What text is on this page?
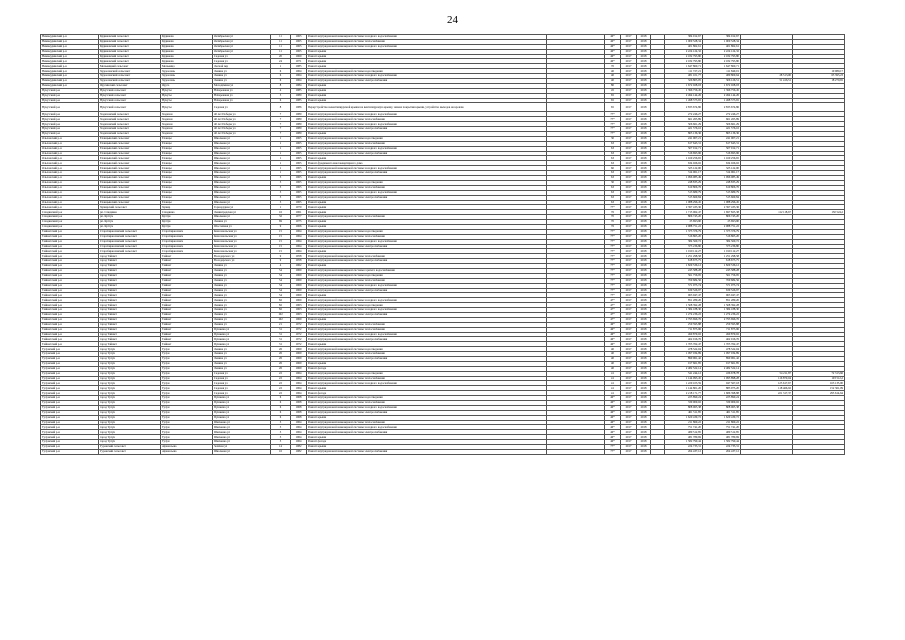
24
Нижнеудинский р-н	Кудиновский сельсовет	Кудинова	Октябрьская ул	11	1965	Ремонт внутридомовой инженерной системы холодного водоснабжения		40*	2017	2018		384 912,67	384 912,67		
Нижнеудинский р-н	Кудиновский сельсовет	Кудинова	Октябрьская ул	11	1965	Ремонт внутридомовой инженерной системы теплоснабжения		40*	2017	2018		1 009 528,34	1 009 528,34		
Нижнеудинский р-н	Кудиновский сельсовет	Кудинова	Октябрьская ул	11	1965	Ремонт внутридомовой инженерной системы холодного водоснабжения		40*	2017	2018		401 862,61	401 862,61		
Нижнеудинский р-н	Кудиновский сельсовет	Кудинова	Октябрьская ул	11	1965	Ремонт крыши		40*	2017	2018		2 224 124,32	2 224 124,32		
Нижнеудинский р-н	Кудиновский сельсовет	Кудинова	Садовая ул	20	1969	Ремонт крыши		40*	2017	2018		2 182 793,80	2 182 793,80		
Нижнеудинский р-н	Кудиновский сельсовет	Кудинова	Садовая ул	24	1971	Ремонт крыши		40*	2017	2018		2 182 793,80	2 182 793,80		
Нижнеудинский р-н	Мельницкий сельсовет	Мельница	Лесной пер	1	1985	Ремонт крыши		70	2017	2018		1 647 860,71	1 647 860,71		
Нижнеудинский р-н	Худоеланский сельсовет	Худоелань	Ленина ул	6	1964	Ремонт внутридомовой инженерной системы водоотведения		40	2017	2018		111 727,21	111 849,01		10 989,17
Нижнеудинский р-н	Худоеланский сельсовет	Худоелань	Ленина ул	6	1964	Ремонт внутридомовой инженерной системы холодного водоснабжения		40	2017	2018		481 101,77	480 809,64	28 513,00	65 395,23
Нижнеудинский р-н	Худоеланский сельсовет	Худоелань	Ленина ул	6	1964	Ремонт внутридомовой инженерной системы электроснабжения		40	2017	2018		326 803,05	306 126,51	51 416,51	18 270,65
Нижнеудинский р-н	Яругинский сельсовет	Яруга	Молодёжная ул	8	1984	Ремонт крыши		80	2017	2018		1 672 028,03	1 672 028,03		
Нукутский р-н	Нукутский сельсовет	Нукуты	Набережная ул	4	1985	Ремонт крыши		45	2017	2018		1 396 756,45	1 396 756,45		
Нукутский р-н	Нукутский сельсовет	Нукуты	Набережная ул	5	1980	Ремонт крыши		65	2017	2018		2 494 144,26	2 494 144,26		
Нукутский р-н	Нукутский сельсовет	Нукуты	Набережная ул	6	1985	Ремонт крыши		65	2017	2018		1 498 573,65	1 498 573,65		
Нукутский р-н	Нукутский сельсовет	Нукуты	Садовая ул	8	1986	Переустройство невентилируемой крыши на вентилируемую крышу, замена покрытия крыши, устройство выходов на кровлю		65	2017	2018		2 833 674,86	2 833 674,86		
Нукутский р-н	Хадаханский сельсовет	Хадахан	40 лет Победы ул	7	1980	Ремонт внутридомовой инженерной системы холодного водоснабжения		77*	2017	2018		272 246,27	272 246,27		
Нукутский р-н	Хадаханский сельсовет	Хадахан	40 лет Победы ул	7	1980	Ремонт внутридомовой инженерной системы теплоснабжения		77*	2017	2018		661 265,89	661 265,89		
Нукутский р-н	Хадаханский сельсовет	Хадахан	40 лет Победы ул	7	1980	Ремонт внутридомовой инженерной системы холодного водоснабжения		77*	2017	2018		506 661,29	506 661,29		
Нукутский р-н	Хадаханский сельсовет	Хадахан	40 лет Победы ул	7	1980	Ремонт внутридомовой инженерной системы электроснабжения		77*	2017	2018		421 576,16	421 576,16		
Нукутский р-н	Хадаханский сельсовет	Хадахан	40 лет Победы ул	7	1980	Ремонт крыши		77*	2017	2018		865 136,36	865 136,36		
Ольхонский р-н	Еланцынский сельсовет	Еланцы	Школьная ул	1	1965	Ремонт внутридомовой инженерной системы водоотведения		30	2017	2018		241 907,21	241 907,21		
Ольхонский р-н	Еланцынский сельсовет	Еланцы	Школьная ул	1	1965	Ремонт внутридомовой инженерной системы теплоснабжения		63	2017	2018		617 643,31	617 643,31		
Ольхонский р-н	Еланцынский сельсовет	Еланцы	Школьная ул	1	1965	Ремонт внутридомовой инженерной системы холодного водоснабжения		63	2017	2018		507 912,71	507 912,71		
Ольхонский р-н	Еланцынский сельсовет	Еланцы	Школьная ул	1	1965	Ремонт внутридомовой инженерной системы электроснабжения		63	2017	2018		516 693,96	516 693,96		
Ольхонский р-н	Еланцынский сельсовет	Еланцы	Школьная ул	1	1965	Ремонт крыши		63	2017	2018		1 160 256,65	1 160 256,65		
Ольхонский р-н	Еланцынский сельсовет	Еланцы	Школьная ул	1	1965	Ремонт фундамента многоквартирного дома		63	2017	2018		634 026,02	634 026,02		
Ольхонский р-н	Еланцынский сельсовет	Еланцы	Школьная ул	1	1965	Ремонт внутридомовой инженерной системы холодного водоснабжения		60	2017	2018		325 122,00	325 122,00		
Ольхонский р-н	Еланцынский сельсовет	Еланцы	Школьная ул	1	1965	Ремонт внутридомовой инженерной системы электроснабжения		63	2017	2018		314 961,17	314 961,17		
Ольхонский р-н	Еланцынский сельсовет	Еланцы	Школьная ул	3	1965	Ремонт крыши		63	2017	2018		1 096 985,49	1 096 985,49		
Ольхонский р-н	Еланцынский сельсовет	Еланцы	Школьная ул	3	1965	Ремонт внутридомовой инженерной системы водоотведения		30	2017	2018		248 835,29	248 835,29		
Ольхонский р-н	Еланцынский сельсовет	Еланцы	Школьная ул	3	1965	Ремонт внутридомовой инженерной системы теплоснабжения		63	2017	2018		610 806,76	610 806,76		
Ольхонский р-н	Еланцынский сельсовет	Еланцы	Школьная ул	3	1965	Ремонт внутридомовой инженерной системы холодного водоснабжения		63	2017	2018		513 689,79	513 689,79		
Ольхонский р-н	Еланцынский сельсовет	Еланцы	Школьная ул	3	1965	Ремонт внутридомовой инженерной системы электроснабжения		63	2017	2018		515 669,84	515 669,84		
Ольхонский р-н	Еланцынский сельсовет	Еланцы	Школьная ул	3	1965	Ремонт крыши		63	2017	2018		1 088 296,45	1 088 296,45		
Ольхонский р-н	Хужирский сельсовет	Хужир	Горнорудная ул	1	1970	Ремонт крыши		77*	2017	2018		2 397 433,36	2 397 433,36		
Слюдянский р-н	рп. Слюдянка	Слюдянка	Ленинградская ул	16	1961	Ремонт крыши		76	2017	2018		1 715 962,47	1 697 825,38	112 118,67	150 524,2
Слюдянский р-н	рп. Култук	Култук	Школьная ул	32	1977	Ремонт внутридомовой инженерной системы теплоснабжения		70	2017	2018		806 745,20	806 745,20		
Слюдянский р-н	рп. Култук	Култук	Ленина ул	69	1975	Ремонт крыши		70	2017	2018		25 693,90	25 693,90		
Слюдянский р-н	рп. Култук	Култук	Шоссейная ул	9	1966	Ремонт крыши		76	2017	2018		2 988 751,22	2 988 751,22		
Тайшетский р-н	Старобирюсинский сельсовет	Старобирюсинск	Комсомольская ул	15	1964	Ремонт внутридомовой инженерной системы водоотведения		77*	2017	2018		1 373 376,79	1 373 376,79		
Тайшетский р-н	Старобирюсинский сельсовет	Старобирюсинск	Комсомольская ул	15	1964	Ремонт внутридомовой инженерной системы теплоснабжения		77*	2017	2018		516 865,20	516 865,20		
Тайшетский р-н	Старобирюсинский сельсовет	Старобирюсинск	Комсомольская ул	15	1964	Ремонт внутридомовой инженерной системы холодного водоснабжения		77*	2017	2018		384 560,72	384 560,72		
Тайшетский р-н	Старобирюсинский сельсовет	Старобирюсинск	Комсомольская ул	15	1964	Ремонт внутридомовой инженерной системы электроснабжения		77*	2017	2018		373 236,80	373 236,80		
Тайшетский р-н	Старобирюсинский сельсовет	Старобирюсинск	Комсомольская ул	15	1964	Ремонт крыши		77*	2017	2018		1 019 112,27	1 019 112,27		
Тайшетский р-н	город Тайшет	Тайшет	Володарского ул	9	1958	Ремонт внутридомовой инженерной системы теплоснабжения		77*	2017	2018		1 251 298,58	1 251 298,58		
Тайшетский р-н	город Тайшет	Тайшет	Володарского ул	9	1958	Ремонт внутридомовой инженерной системы электроснабжения		77*	2017	2018		618 675,75	618 675,75		
Тайшетский р-н	город Тайшет	Тайшет	Ленина ул	4	1962	Ремонт крыши		77*	2017	2018		1 829 536,12	1 829 536,12		
Тайшетский р-н	город Тайшет	Тайшет	Ленина ул	54	1969	Ремонт внутридомовой инженерной системы горячего водоснабжения		77*	2017	2018		245 588,28	245 588,28		
Тайшетский р-н	город Тайшет	Тайшет	Ленина ул	54	1969	Ремонт внутридомовой инженерной системы водоотведения		77*	2017	2018		561 756,95	561 756,95		
Тайшетский р-н	город Тайшет	Тайшет	Ленина ул	54	1969	Ремонт внутридомовой инженерной системы теплоснабжения		77*	2017	2018		769 684,56	769 684,56		
Тайшетский р-н	город Тайшет	Тайшет	Ленина ул	54	1969	Ремонт внутридомовой инженерной системы холодного водоснабжения		77*	2017	2018		571 975,74	571 975,74		
Тайшетский р-н	город Тайшет	Тайшет	Ленина ул	54	1969	Ремонт внутридомовой инженерной системы электроснабжения		77*	2017	2018		639 526,97	639 526,97		
Тайшетский р-н	город Тайшет	Тайшет	Ленина ул	54	1969	Ремонт крыши		77*	2017	2018		963 947,47	963 947,47		
Тайшетский р-н	город Тайшет	Тайшет	Ленина ул	82	1969	Ремонт внутридомовой инженерной системы холодного водоснабжения		47*	2017	2018		851 289,20	851 289,20		
Тайшетский р-н	город Тайшет	Тайшет	Ленина ул	82	1963	Ремонт внутридомовой инженерной системы водоотведения		47*	2017	2018		1 568 392,28	1 568 392,28		
Тайшетский р-н	город Тайшет	Тайшет	Ленина ул	82	1963	Ремонт внутридомовой инженерной системы холодного водоснабжения		47*	2017	2018		1 384 188,30	1 384 188,30		
Тайшетский р-н	город Тайшет	Тайшет	Ленина ул	102	1963	Ремонт внутридомовой инженерной системы электроснабжения		47*	2017	2018		1 274 236,22	1 274 236,22		
Тайшетский р-н	город Тайшет	Тайшет	Ленина ул	102	1969	Ремонт крыши		47*	2017	2018		2 793 696,76	2 793 696,76		
Тайшетский р-н	город Тайшет	Тайшет	Ленина ул	21	1972	Ремонт внутридомовой инженерной системы теплоснабжения		40*	2017	2018		250 595,88	250 595,88		
Тайшетский р-н	город Тайшет	Тайшет	Пушкина ул	31	1972	Ремонт внутридомовой инженерной системы теплоснабжения		40*	2017	2018		711 875,96	711 875,96		
Тайшетский р-н	город Тайшет	Тайшет	Пушкина ул	31	1972	Ремонт внутридомовой инженерной системы холодного водоснабжения		40*	2017	2018		490 879,02	490 879,02		
Тайшетский р-н	город Тайшет	Тайшет	Пушкина ул	31	1972	Ремонт внутридомовой инженерной системы электроснабжения		40*	2017	2018		462 916,76	462 916,76		
Тайшетский р-н	город Тайшет	Тайшет	Пушкина ул	31	1972	Ремонт крыши		40*	2017	2018		1 705 762,47	1 705 762,47		
Тулунский р-н	город Тулун	Тулун	Ленина ул	26	1969	Ремонт внутридомовой инженерной системы водоотведения		40	2017	2018		478 522,04	478 522,04		
Тулунский р-н	город Тулун	Тулун	Ленина ул	26	1969	Ремонт внутридомовой инженерной системы теплоснабжения		40	2017	2018		1 097 034,89	1 097 034,89		
Тулунский р-н	город Тулун	Тулун	Ленина ул	26	1969	Ремонт внутридомовой инженерной системы электроснабжения		40	2017	2018		890 961,42	890 961,42		
Тулунский р-н	город Тулун	Тулун	Ленина ул	26	1969	Ремонт крыши		40	2017	2018		917 661,85	917 661,85		
Тулунский р-н	город Тулун	Тулун	Ленина ул	26	1969	Ремонт фасада		40	2017	2018		2 482 522,14	2 482 522,14		
Тулунский р-н	город Тулун	Тулун	Садовая ул	22	1964	Ремонт внутридомовой инженерной системы водоотведения		41	2017	2018		541 244,12	436 678,78	54 211,87	72 313,66
Тулунский р-н	город Тулун	Тулун	Садовая ул	22	1964	Ремонт внутридомовой инженерной системы теплоснабжения		41	2017	2018		1 144 993,45	1 095 898,28	116 870,04	103 512,2
Тулунский р-н	город Тулун	Тулун	Садовая ул	22	1964	Ремонт внутридомовой инженерной системы холодного водоснабжения		41	2017	2018		1 220 103,59	947 567,18	125 617,67	163 135,00
Тулунский р-н	город Тулун	Тулун	Садовая ул	22	1964	Ремонт крыши		41	2017	2018		1 144 801,20	883 975,20	118 466,92	152 361,09
Тулунский р-н	город Тулун	Тулун	Садовая ул	22	1964	Ремонт фасада		41	2017	2018		2 218 171,77	1 686 398,88	221 317,37	295 614,64
Тулунский р-н	город Тулун	Тулун	Пушкина ул	6	1968	Ремонт внутридомовой инженерной системы водоотведения		40*	2017	2018		225 890,24	225 890,24		
Тулунский р-н	город Тулун	Тулун	Пушкина ул	6	1968	Ремонт внутридомовой инженерной системы теплоснабжения		40*	2017	2018		339 909,02	339 909,02		
Тулунский р-н	город Тулун	Тулун	Пушкина ул	6	1968	Ремонт внутридомовой инженерной системы холодного водоснабжения		40*	2017	2018		808 965,38	808 965,38		
Тулунский р-н	город Тулун	Тулун	Пушкина ул	6	1968	Ремонт внутридомовой инженерной системы электроснабжения		40*	2017	2018		461 511,85	461 511,85		
Тулунский р-н	город Тулун	Тулун	Пушкина ул	6	1968	Ремонт крыши		40*	2017	2018		1 620 439,72	1 620 439,72		
Тулунский р-н	город Тулун	Тулун	Шевченко ул	3	1964	Ремонт внутридомовой инженерной системы теплоснабжения		40*	2017	2018		211 869,22	211 869,22		
Тулунский р-н	город Тулун	Тулун	Шевченко ул	3	1964	Ремонт внутридомовой инженерной системы холодного водоснабжения		40*	2017	2018		751 741,20	751 741,20		
Тулунский р-н	город Тулун	Тулун	Шевченко ул	3	1964	Ремонт внутридомовой инженерной системы электроснабжения		40*	2017	2018		480 512,85	480 512,85		
Тулунский р-н	город Тулун	Тулун	Шевченко ул	3	1964	Ремонт крыши		40*	2017	2018		481 780,69	481 780,69		
Тулунский р-н	город Тулун	Тулун	Шевченко ул	3	1964	Ремонт фасада		40*	2017	2018		1 582 790,44	1 582 790,44		
Тулунский р-н	Гуранский сельсовет	Афанасьева	Зелёная ул	14	1982	Ремонт крыши		77*	2017	2018		224 733,31	224 733,31		
Тулунский р-н	Гуранский сельсовет	Афанасьева	Школьная ул	16	1982	Ремонт внутридомовой инженерной системы электроснабжения		77*	2017	2018		264 437,12	264 437,12		
